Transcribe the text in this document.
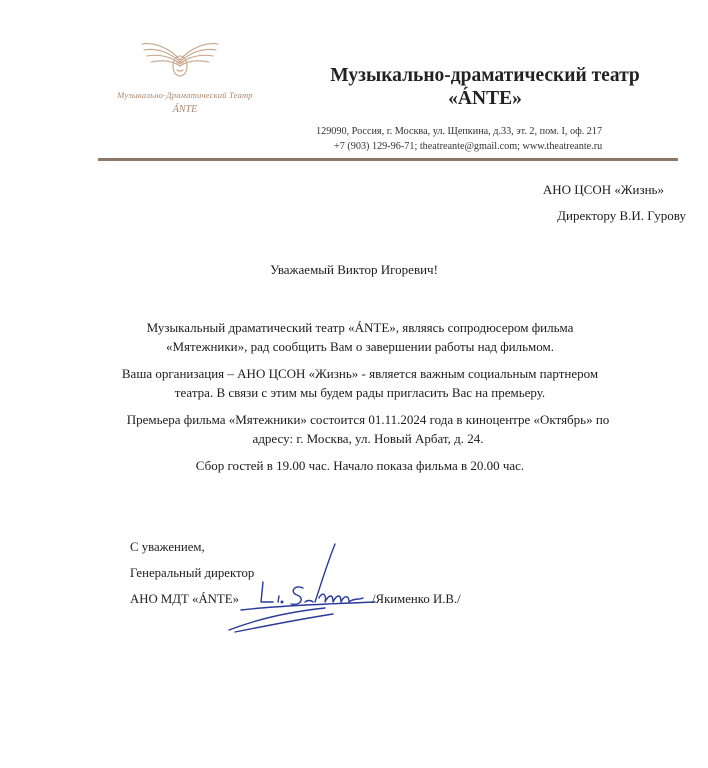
Музыкально-Драматический Театр
ÁNTE
Музыкально-драматический театр
«ÁNTE»
129090, Россия, г. Москва, ул. Щепкина, д.33, эт. 2, пом. I, оф. 217
+7 (903) 129-96-71; theatreante@gmail.com; www.theatreante.ru
АНО ЦСОН «Жизнь»
Директору В.И. Гурову
Уважаемый Виктор Игоревич!
Музыкальный драматический театр «ÁNTE», являясь сопродюсером фильма «Мятежники», рад сообщить Вам о завершении работы над фильмом.
Ваша организация – АНО ЦСОН «Жизнь» - является важным социальным партнером театра. В связи с этим мы будем рады пригласить Вас на премьеру.
Премьера фильма «Мятежники» состоится 01.11.2024 года в киноцентре «Октябрь» по адресу: г. Москва, ул. Новый Арбат, д. 24.
Сбор гостей в 19.00 час. Начало показа фильма в 20.00 час.
С уважением,
Генеральный директор
АНО МДТ «ÁNTE»	/Якименко И.В./
